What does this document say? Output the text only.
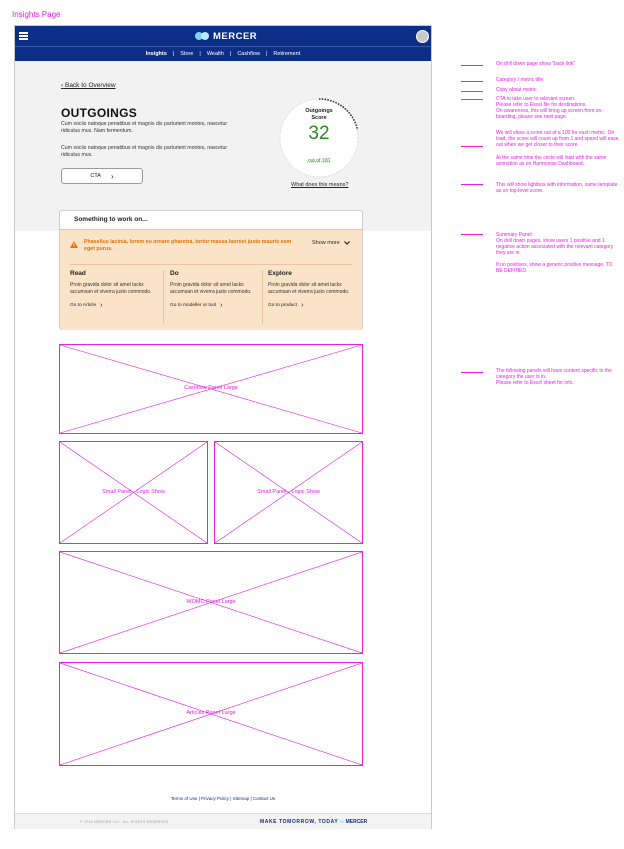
Insights Page
MERCER
Insights | Store | Wealth | Cashflow | Retirement
‹ Back to Overview
OUTGOINGS
Cum sociis natoque penatibus et magnis dis parturient montes, nascetur ridiculus mus. Nam fermentum.
Cum sociis natoque penatibus et magnis dis parturient montes, nascetur ridiculus mus.
CTA ›
Outgoings
Score
32
out of 100
What does this means?
Something to work on...
Phasellus lacinia, lorem eu ornare pharetra, tortor massa laoreet justo mauris sem eget purus.
Show more
Read
Proin gravida dolor sit amet lacks accumsan et viverra justo commodo.
Go to Article ›
Do
Proin gravida dolor sit amet lacks accumsan et viverra justo commodo.
Go to modeller or tool ›
Explore
Proin gravida dolor sit amet lacks accumsan et viverra justo commodo.
Go to product ›
Cashflow Panel Large
Small Panel - Logic Show	Small Panel - Logic Show
WOMC Panel Large
Articles Panel Large
Terms of Use | Privacy Policy | Sitemap | Contact Us
© 2015 MERCER LLC. ALL RIGHTS RESERVED	MAKE TOMORROW, TODAY ∞ MERCER
On drill down page show "back link"
Category / metric title
Copy about metric
CTA to take user to relevant screen.
Please refer to Excel file for destinations.
On awareness, this will bring up screen from on-boarding, please see next page.
We will show a score out of a 100 for each metric. On load, the score will count up from 1 and speed will ease out when we get closer to their score.
At the same time the circle will load with the same animation as on Harmonise Dashboard.
This will show lightbox with information, same template as on top-level score.
Summary Panel:
On drill down pages, show users 1 positive and 1 negative action associated with the relevant category they are in.
If no positives, show a generic positive message. TO BE DEFINED.
The following panels will have content specific to the category the user is in.
Please refer to Excel sheet for info.
